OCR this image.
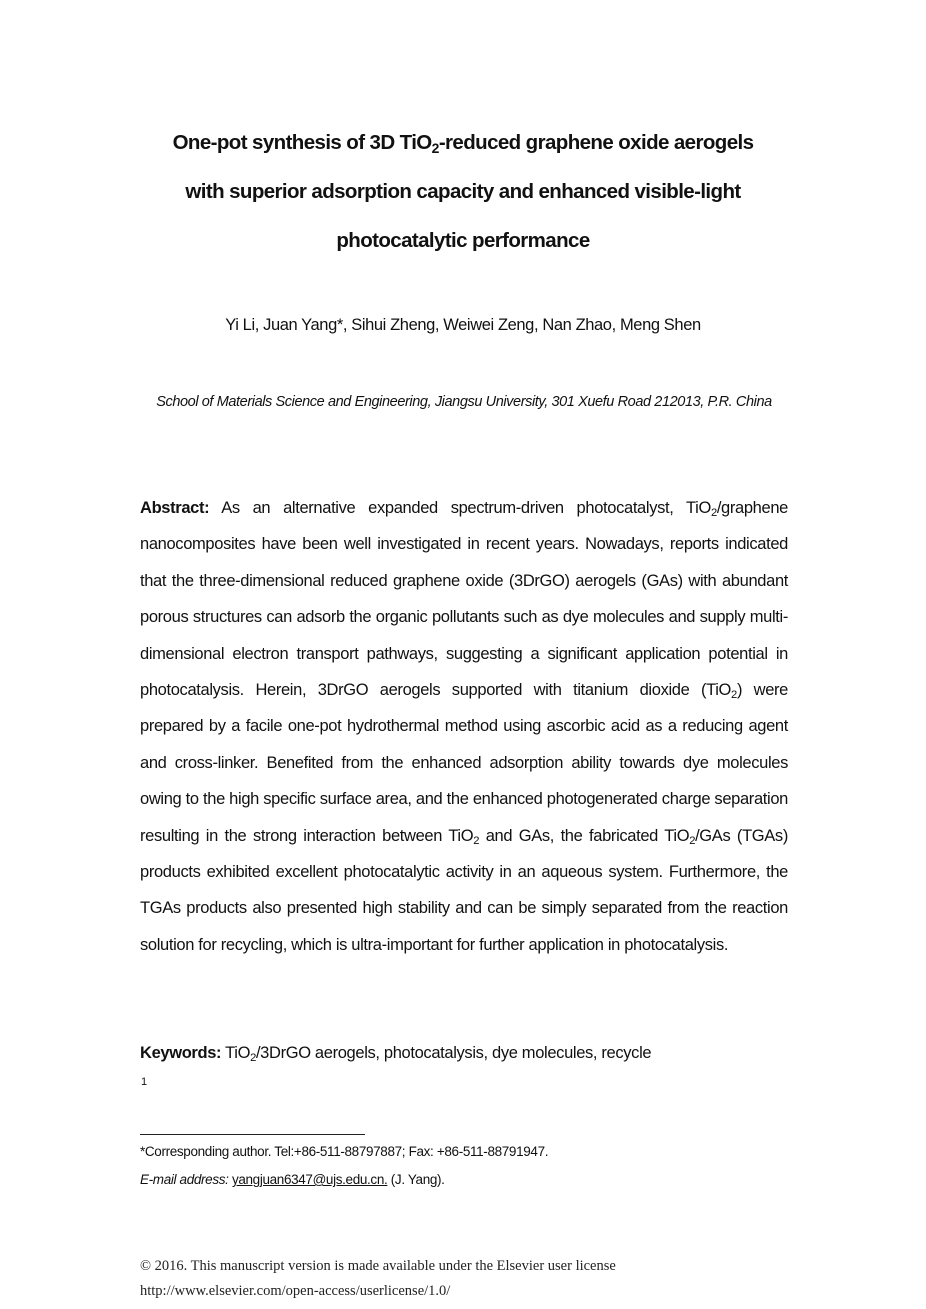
One-pot synthesis of 3D TiO$_2$-reduced graphene oxide aerogels
with superior adsorption capacity and enhanced visible-light
photocatalytic performance
Yi Li, Juan Yang*, Sihui Zheng, Weiwei Zeng, Nan Zhao, Meng Shen
School of Materials Science and Engineering, Jiangsu University, 301 Xuefu Road 212013, P.R. China

Abstract: As an alternative expanded spectrum-driven photocatalyst, TiO$_2$/graphene nanocomposites have been well investigated in recent years. Nowadays, reports indicated that the three-dimensional reduced graphene oxide (3DrGO) aerogels (GAs) with abundant porous structures can adsorb the organic pollutants such as dye molecules and supply multi-dimensional electron transport pathways, suggesting a significant application potential in photocatalysis. Herein, 3DrGO aerogels supported with titanium dioxide (TiO$_2$) were prepared by a facile one-pot hydrothermal method using ascorbic acid as a reducing agent and cross-linker. Benefited from the enhanced adsorption ability towards dye molecules owing to the high specific surface area, and the enhanced photogenerated charge separation resulting in the strong interaction between TiO$_2$ and GAs, the fabricated TiO$_2$/GAs (TGAs) products exhibited excellent photocatalytic activity in an aqueous system. Furthermore, the TGAs products also presented high stability and can be simply separated from the reaction solution for recycling, which is ultra-important for further application in photocatalysis.

Keywords: TiO$_2$/3DrGO aerogels, photocatalysis, dye molecules, recycle

1

*Corresponding author. Tel:+86-511-88797887; Fax: +86-511-88791947.

E-mail address: yangjuan6347@ujs.edu.cn. (J. Yang).

© 2016. This manuscript version is made available under the Elsevier user license

http://www.elsevier.com/open-access/userlicense/1.0/
